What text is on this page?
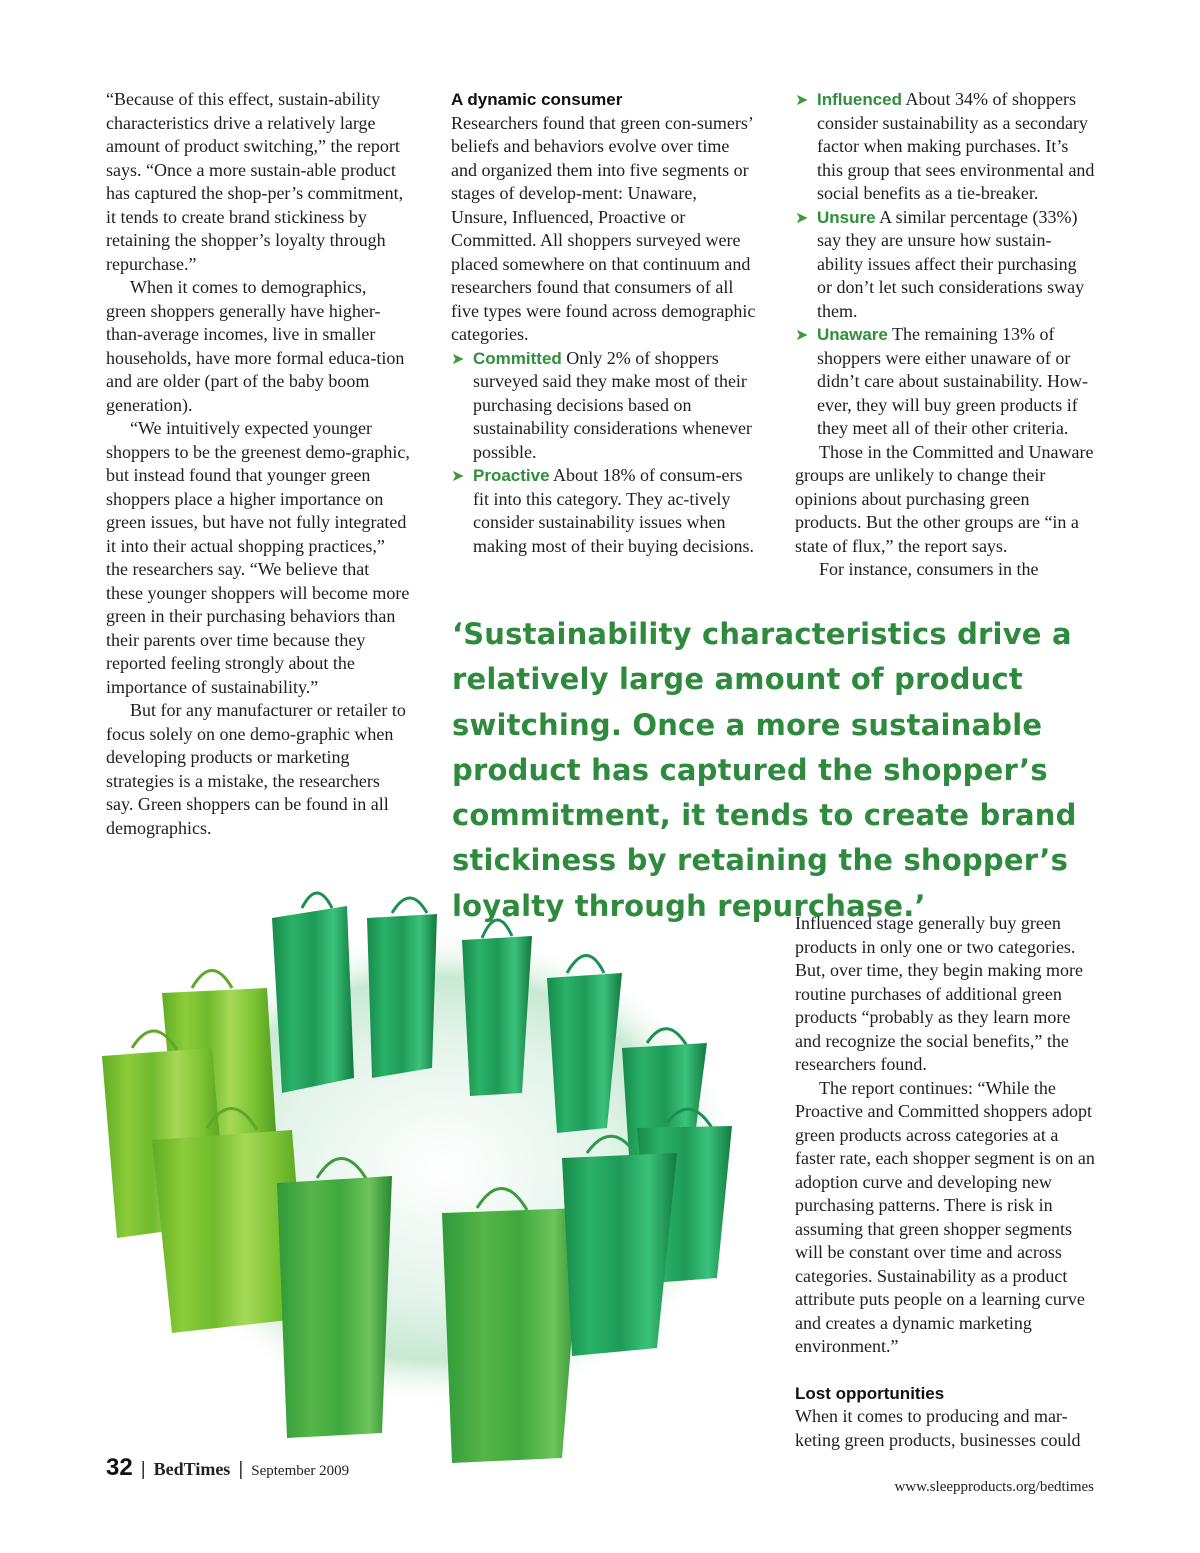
“Because of this effect, sustain-ability characteristics drive a relatively large amount of product switching,” the report says. “Once a more sustain-able product has captured the shop-per’s commitment, it tends to create brand stickiness by retaining the shopper’s loyalty through repurchase.”

When it comes to demographics, green shoppers generally have higher-than-average incomes, live in smaller households, have more formal educa-tion and are older (part of the baby boom generation).

“We intuitively expected younger shoppers to be the greenest demo-graphic, but instead found that younger green shoppers place a higher importance on green issues, but have not fully integrated it into their actual shopping practices,” the researchers say. “We believe that these younger shoppers will become more green in their purchasing behaviors than their parents over time because they reported feeling strongly about the importance of sustainability.”

But for any manufacturer or retailer to focus solely on one demo-graphic when developing products or marketing strategies is a mistake, the researchers say. Green shoppers can be found in all demographics.

A dynamic consumer

Researchers found that green con-sumers’ beliefs and behaviors evolve over time and organized them into five segments or stages of develop-ment: Unaware, Unsure, Influenced, Proactive or Committed. All shoppers surveyed were placed somewhere on that continuum and researchers found that consumers of all five types were found across demographic categories.

➤ Committed Only 2% of shoppers surveyed said they make most of their purchasing decisions based on sustainability considerations whenever possible.
➤ Proactive About 18% of consum-ers fit into this category. They ac-tively consider sustainability issues when making most of their buying decisions.
➤ Influenced About 34% of shoppers consider sustainability as a secondary factor when making purchases. It’s this group that sees environmental and social benefits as a tie-breaker.
➤ Unsure A similar percentage (33%) say they are unsure how sustain-ability issues affect their purchasing or don’t let such considerations sway them.
➤ Unaware The remaining 13% of shoppers were either unaware of or didn’t care about sustainability. How-ever, they will buy green products if they meet all of their other criteria.

Those in the Committed and Unaware groups are unlikely to change their opinions about purchasing green products. But the other groups are “in a state of flux,” the report says.

For instance, consumers in the

‘Sustainability characteristics drive a relatively large amount of product switching. Once a more sustainable product has captured the shopper’s commitment, it tends to create brand stickiness by retaining the shopper’s loyalty through repurchase.’

Influenced stage generally buy green products in only one or two categories. But, over time, they begin making more routine purchases of additional green products “probably as they learn more and recognize the social benefits,” the researchers found.

The report continues: “While the Proactive and Committed shoppers adopt green products across categories at a faster rate, each shopper segment is on an adoption curve and developing new purchasing patterns. There is risk in assuming that green shopper segments will be constant over time and across categories. Sustainability as a product attribute puts people on a learning curve and creates a dynamic marketing environment.”

Lost opportunities

When it comes to producing and mar-keting green products, businesses could

32 | BedTimes | September 2009
www.sleepproducts.org/bedtimes
